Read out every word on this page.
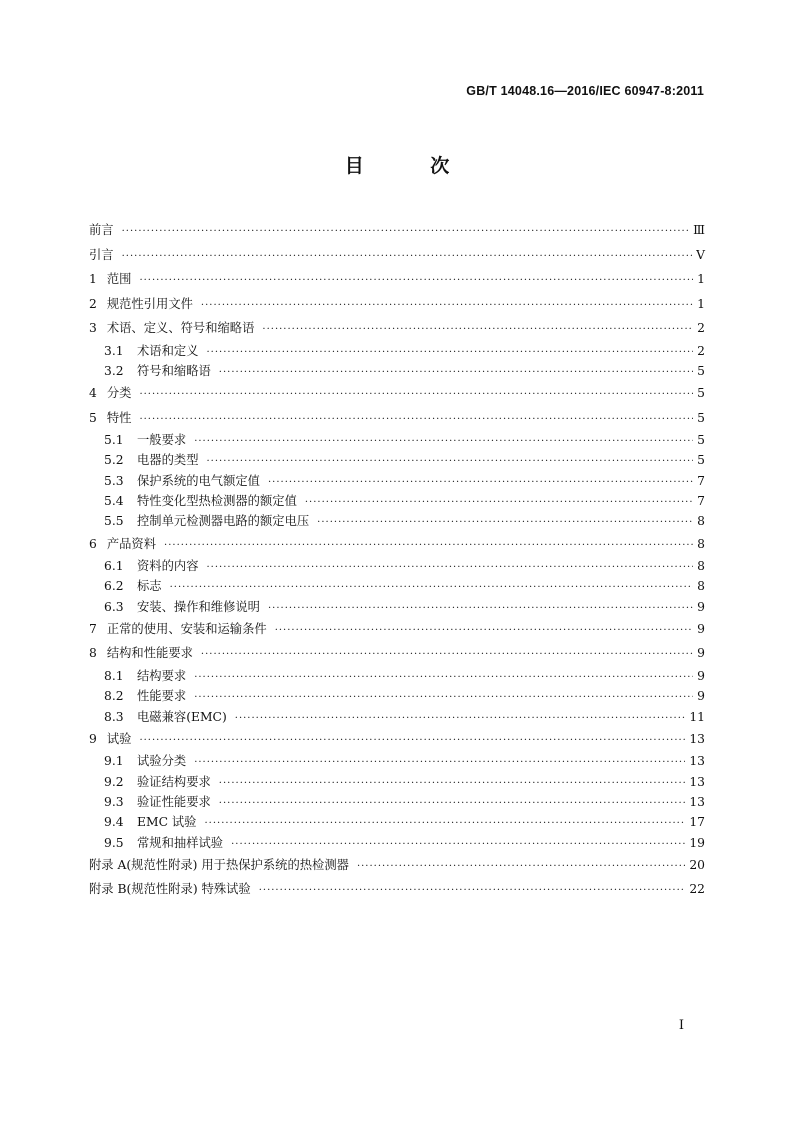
GB/T 14048.16—2016/IEC 60947-8:2011
目 次
前言 ·····	Ⅲ
引言 ·····	Ⅴ
1 范围 ·····	1
2 规范性引用文件 ·····	1
3 术语、定义、符号和缩略语 ·····	2
3.1	术语和定义 ·····	2
3.2	符号和缩略语 ·····	5
4 分类 ·····	5
5 特性 ·····	5
5.1	一般要求 ·····	5
5.2	电器的类型 ·····	5
5.3	保护系统的电气额定值 ·····	7
5.4	特性变化型热检测器的额定值 ·····	7
5.5	控制单元检测器电路的额定电压 ·····	8
6 产品资料 ·····	8
6.1	资料的内容 ·····	8
6.2	标志 ·····	8
6.3	安装、操作和维修说明 ·····	9
7 正常的使用、安装和运输条件 ·····	9
8 结构和性能要求 ·····	9
8.1	结构要求 ·····	9
8.2	性能要求 ·····	9
8.3	电磁兼容(EMC) ·····	11
9 试验 ·····	13
9.1	试验分类 ·····	13
9.2	验证结构要求 ·····	13
9.3	验证性能要求 ·····	13
9.4	EMC 试验 ·····	17
9.5	常规和抽样试验 ·····	19
附录 A(规范性附录) 用于热保护系统的热检测器 ·····	20
附录 B(规范性附录) 特殊试验 ·····	22
I
